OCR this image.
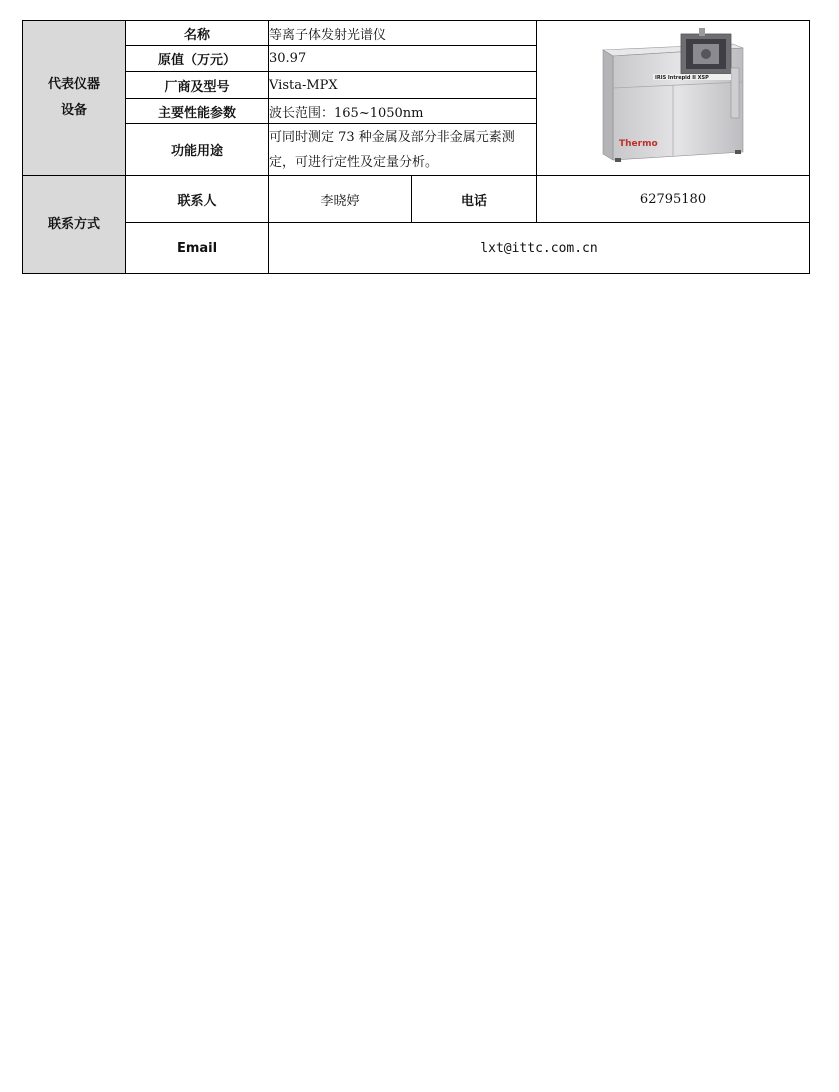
代表仪器设备	名称	等离子体发射光谱仪		IRIS Intrepid II XSP
Thermo

	原值（万元）	30.97		
	厂商及型号	Vista-MPX		
	主要性能参数	波长范围：165~1050nm		
	功能用途	可同时测定 73 种金属及部分非金属元素测定，可进行定性及定量分析。		
联系方式	联系人	李晓婷	电话	62795180
	Email	lxt@ittc.com.cn		
